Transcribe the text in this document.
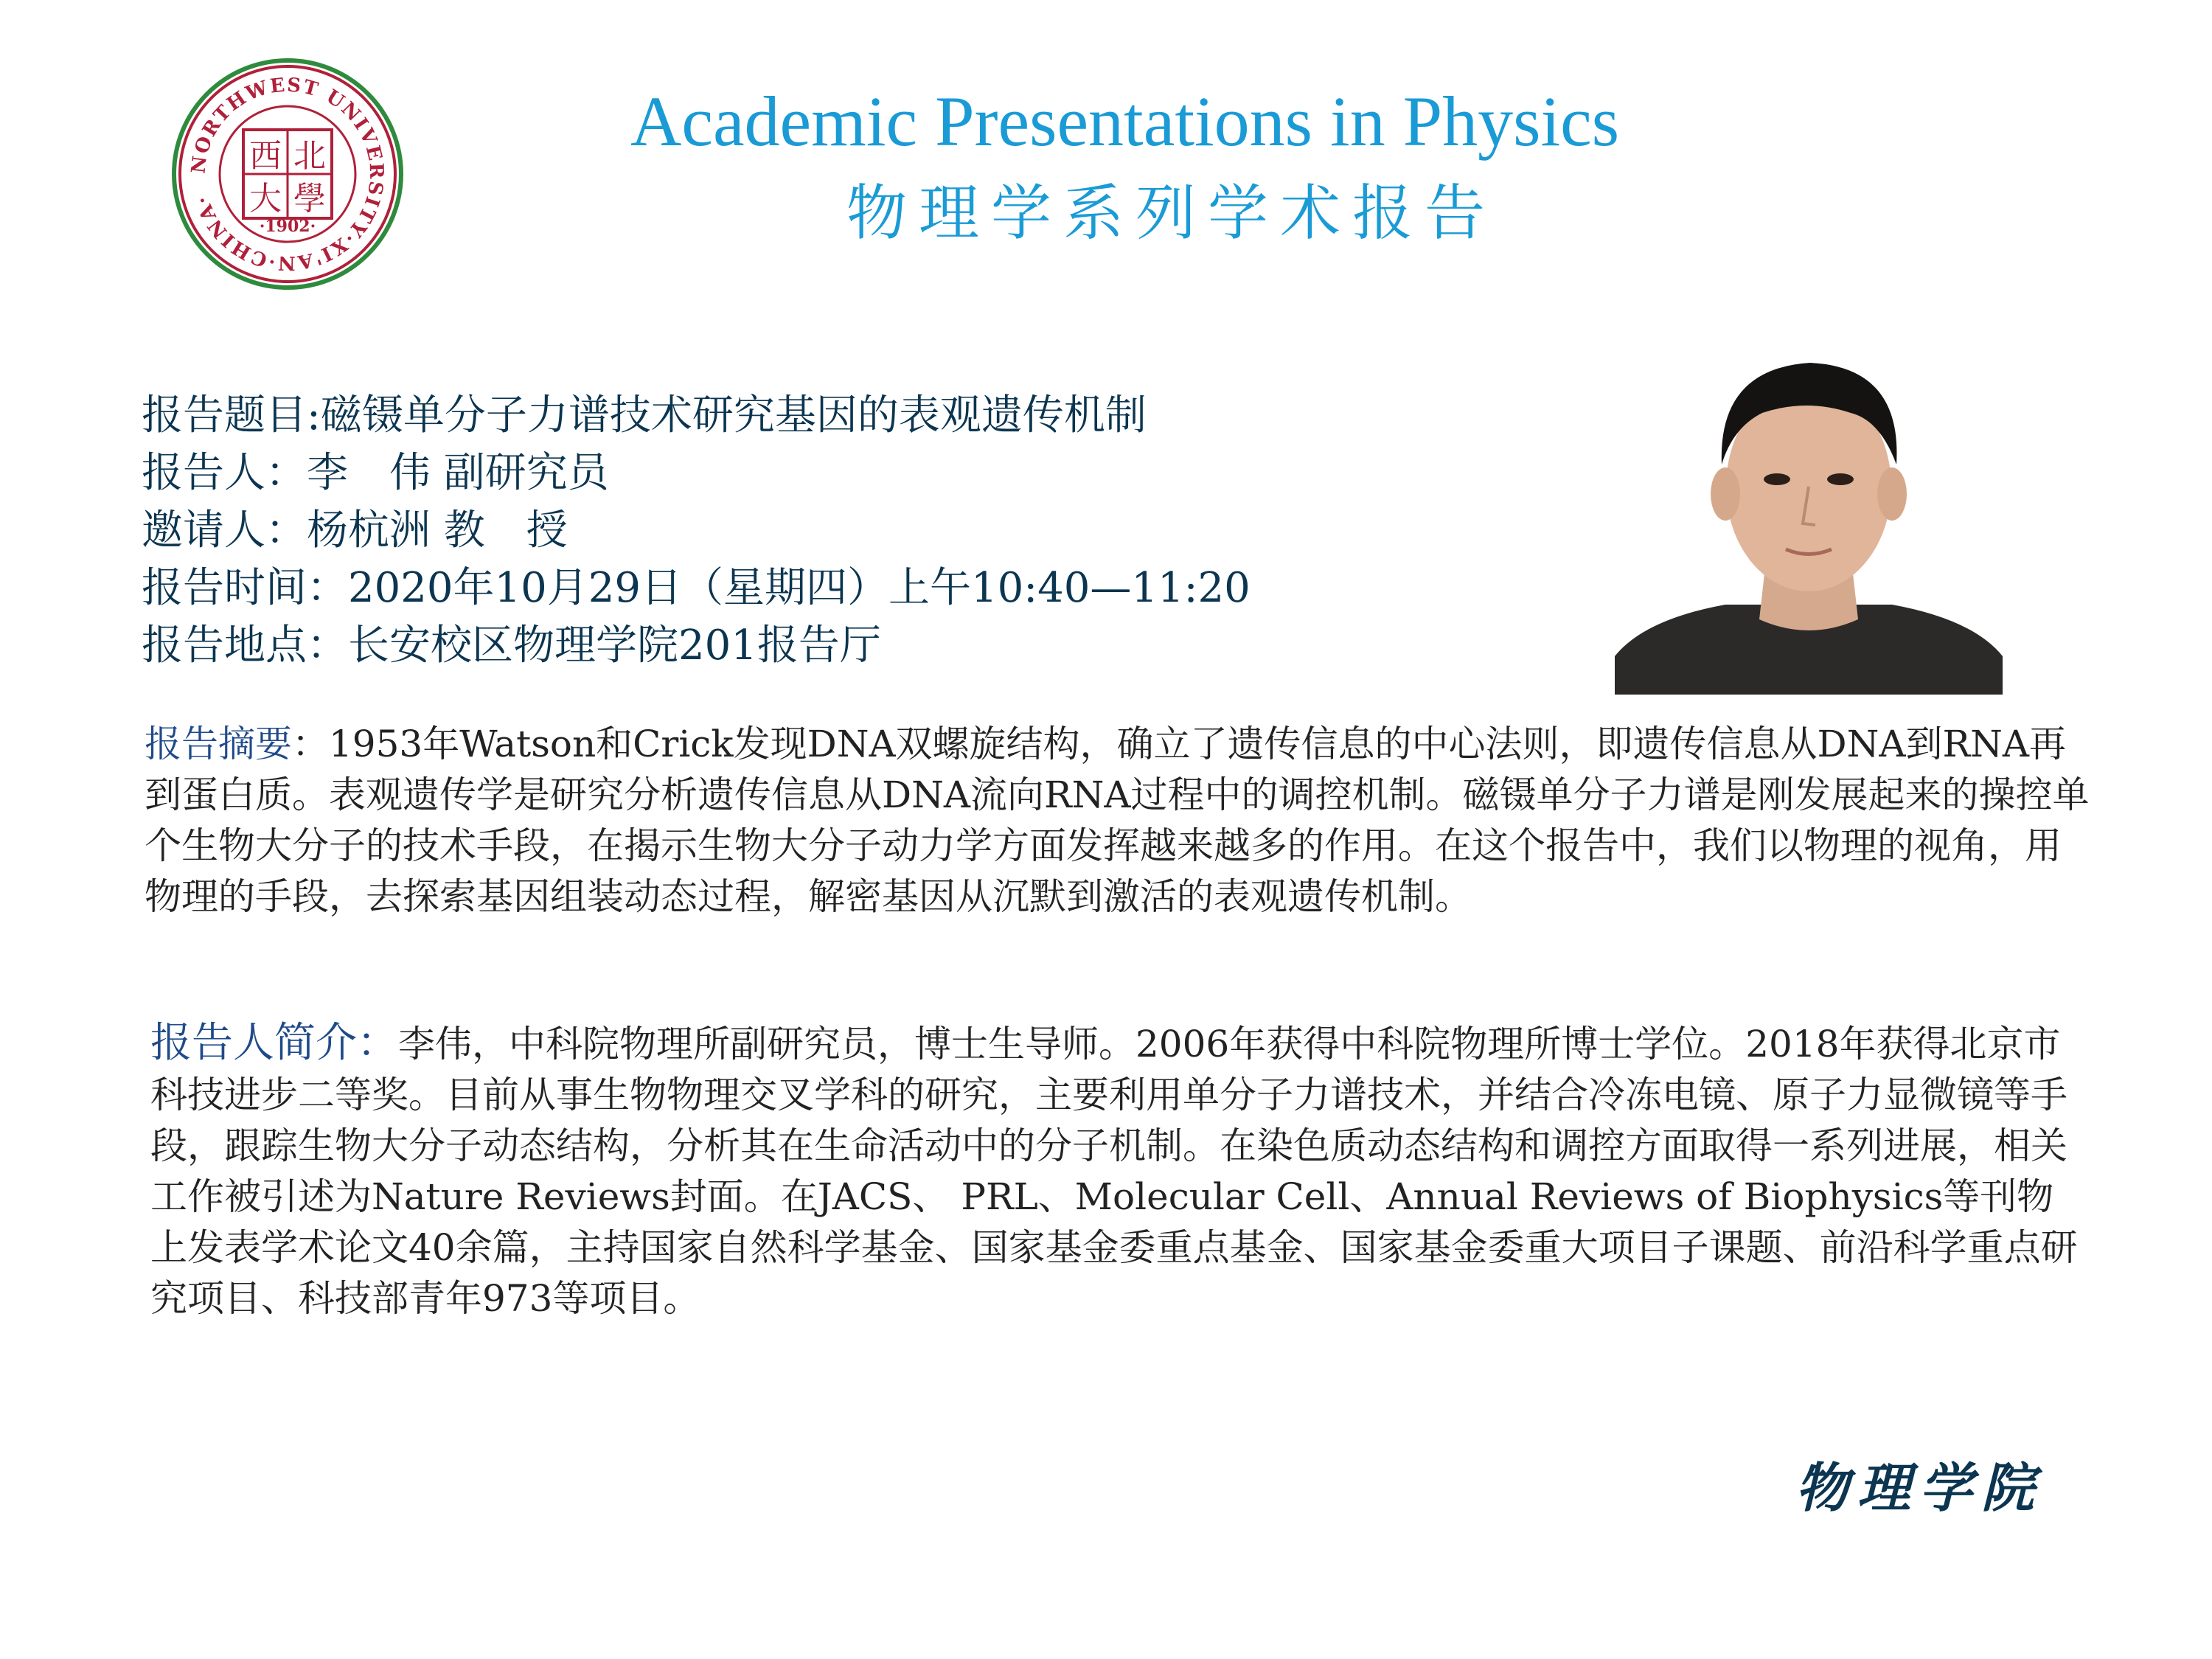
NORTHWEST UNIVERSITY·XI'AN·CHINA·
·1902·
西 北
大 學
Academic Presentations in Physics
物理学系列学术报告
报告题目:磁镊单分子力谱技术研究基因的表观遗传机制
报告人：李　伟 副研究员
邀请人：杨杭洲 教　授
报告时间：2020年10月29日（星期四）上午10:40—11:20
报告地点：长安校区物理学院201报告厅
报告摘要：1953年Watson和Crick发现DNA双螺旋结构，确立了遗传信息的中心法则，即遗传信息从DNA到RNA再到蛋白质。表观遗传学是研究分析遗传信息从DNA流向RNA过程中的调控机制。磁镊单分子力谱是刚发展起来的操控单个生物大分子的技术手段，在揭示生物大分子动力学方面发挥越来越多的作用。在这个报告中，我们以物理的视角，用物理的手段，去探索基因组装动态过程，解密基因从沉默到激活的表观遗传机制。
报告人简介：李伟，中科院物理所副研究员，博士生导师。2006年获得中科院物理所博士学位。2018年获得北京市科技进步二等奖。目前从事生物物理交叉学科的研究，主要利用单分子力谱技术，并结合冷冻电镜、原子力显微镜等手段，跟踪生物大分子动态结构，分析其在生命活动中的分子机制。在染色质动态结构和调控方面取得一系列进展，相关工作被引述为Nature Reviews封面。在JACS、 PRL、Molecular Cell、Annual Reviews of Biophysics等刊物上发表学术论文40余篇，主持国家自然科学基金、国家基金委重点基金、国家基金委重大项目子课题、前沿科学重点研究项目、科技部青年973等项目。
物理学院
